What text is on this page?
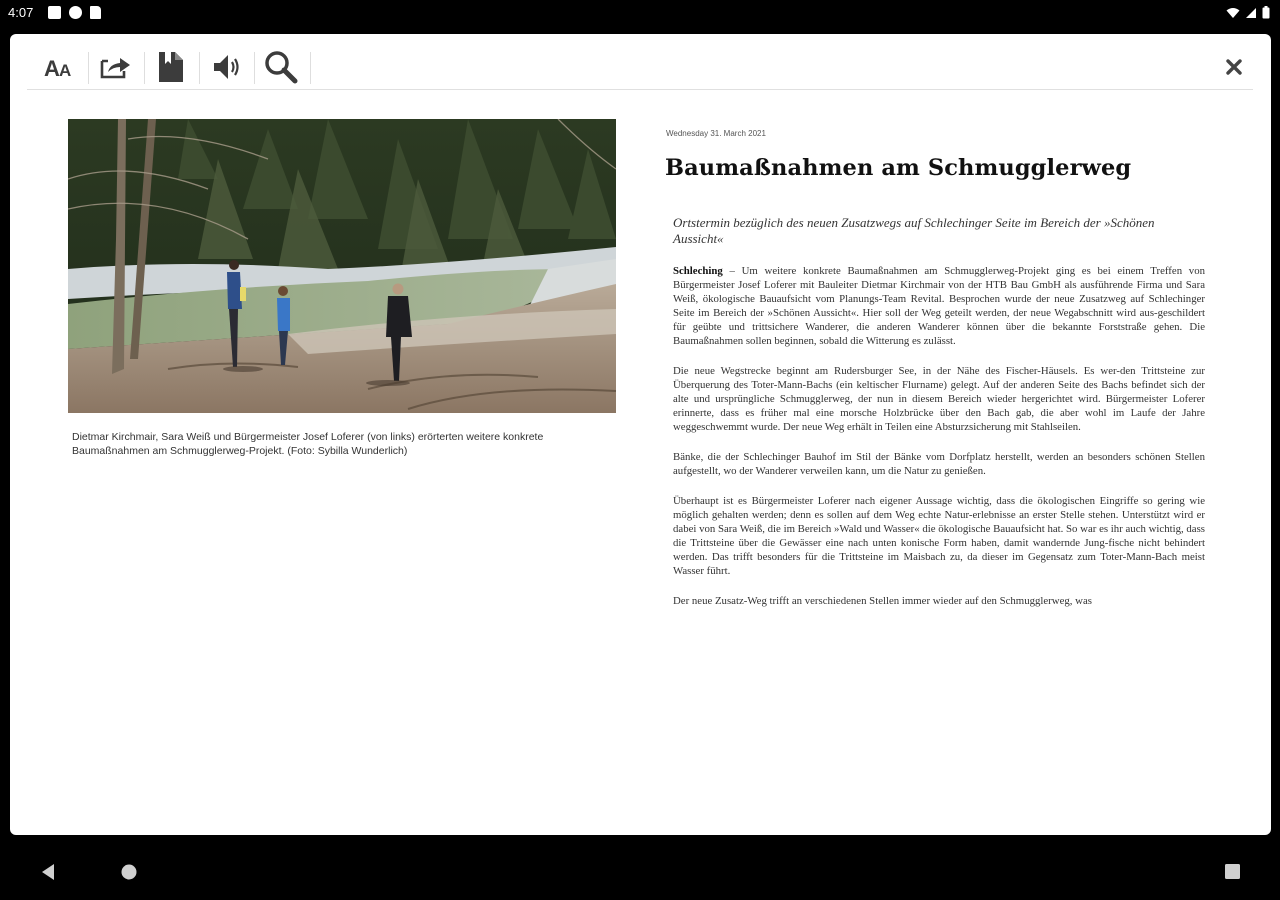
4:07
A A
Dietmar Kirchmair, Sara Weiß und Bürgermeister Josef Loferer (von links) erörterten weitere konkrete Baumaßnahmen am Schmugglerweg-Projekt. (Foto: Sybilla Wunderlich)
Wednesday 31. March 2021
Baumaßnahmen am Schmugglerweg
Ortstermin bezüglich des neuen Zusatzwegs auf Schlechinger Seite im Bereich der »Schönen Aussicht«

Schleching – Um weitere konkrete Baumaßnahmen am Schmugglerweg-Projekt ging es bei einem Treffen von Bürgermeister Josef Loferer mit Bauleiter Dietmar Kirchmair von der HTB Bau GmbH als ausführende Firma und Sara Weiß, ökologische Bauaufsicht vom Planungs-Team Revital. Besprochen wurde der neue Zusatzweg auf Schlechinger Seite im Bereich der »Schönen Aussicht«. Hier soll der Weg geteilt werden, der neue Wegabschnitt wird aus-geschildert für geübte und trittsichere Wanderer, die anderen Wanderer können über die bekannte Forststraße gehen. Die Baumaßnahmen sollen beginnen, sobald die Witterung es zulässt.

Die neue Wegstrecke beginnt am Rudersburger See, in der Nähe des Fischer-Häusels. Es wer-den Trittsteine zur Überquerung des Toter-Mann-Bachs (ein keltischer Flurname) gelegt. Auf der anderen Seite des Bachs befindet sich der alte und ursprüngliche Schmugglerweg, der nun in diesem Bereich wieder hergerichtet wird. Bürgermeister Loferer erinnerte, dass es früher mal eine morsche Holzbrücke über den Bach gab, die aber wohl im Laufe der Jahre weggeschwemmt wurde. Der neue Weg erhält in Teilen eine Absturzsicherung mit Stahlseilen.

Bänke, die der Schlechinger Bauhof im Stil der Bänke vom Dorfplatz herstellt, werden an besonders schönen Stellen aufgestellt, wo der Wanderer verweilen kann, um die Natur zu genießen.

Überhaupt ist es Bürgermeister Loferer nach eigener Aussage wichtig, dass die ökologischen Eingriffe so gering wie möglich gehalten werden; denn es sollen auf dem Weg echte Natur-erlebnisse an erster Stelle stehen. Unterstützt wird er dabei von Sara Weiß, die im Bereich »Wald und Wasser« die ökologische Bauaufsicht hat. So war es ihr auch wichtig, dass die Trittsteine über die Gewässer eine nach unten konische Form haben, damit wandernde Jung-fische nicht behindert werden. Das trifft besonders für die Trittsteine im Maisbach zu, da dieser im Gegensatz zum Toter-Mann-Bach meist Wasser führt.

Der neue Zusatz-Weg trifft an verschiedenen Stellen immer wieder auf den Schmugglerweg, was
